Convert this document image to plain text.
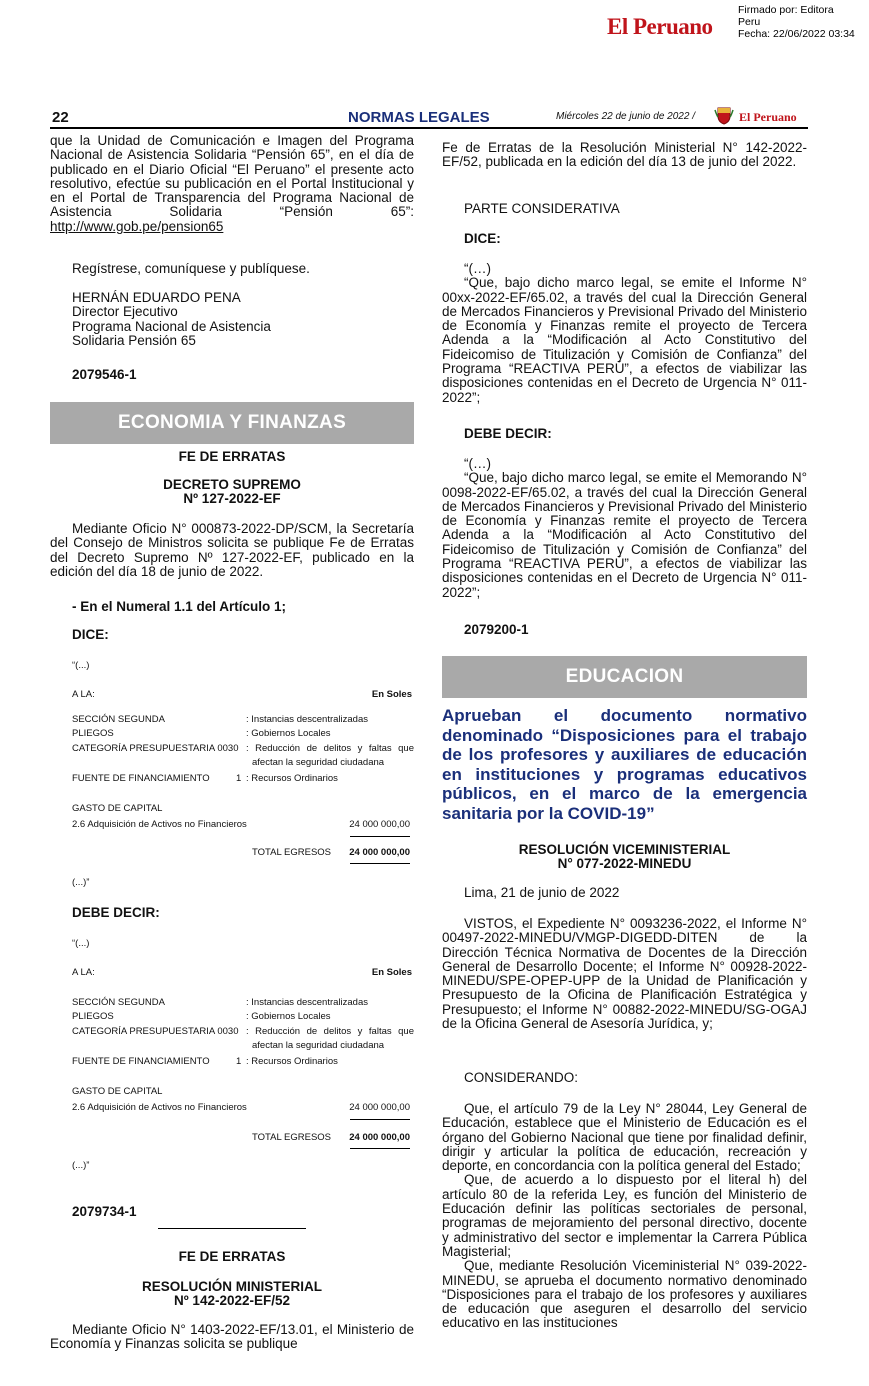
El Peruano
Firmado por: Editora
Peru
Fecha: 22/06/2022 03:34
22	NORMAS LEGALES	Miércoles 22 de junio de 2022 /	El Peruano

que la Unidad de Comunicación e Imagen del Programa Nacional de Asistencia Solidaria “Pensión 65”, en el día de publicado en el Diario Oficial “El Peruano” el presente acto resolutivo, efectúe su publicación en el Portal Institucional y en el Portal de Transparencia del Programa Nacional de Asistencia Solidaria “Pensión 65”: http://www.gob.pe/pension65

Regístrese, comuníquese y publíquese.

HERNÁN EDUARDO PENA

Director Ejecutivo

Programa Nacional de Asistencia

Solidaria Pensión 65

2079546-1
ECONOMIA Y FINANZAS
FE DE ERRATAS

DECRETO SUPREMO

Nº 127-2022-EF

Mediante Oficio N° 000873-2022-DP/SCM, la Secretaría del Consejo de Ministros solicita se publique Fe de Erratas del Decreto Supremo Nº 127-2022-EF, publicado en la edición del día 18 de junio de 2022.
- En el Numeral 1.1 del Artículo 1;
DICE:
“(...)
A LA:	En Soles
SECCIÓN SEGUNDA	: Instancias descentralizadas
PLIEGOS	: Gobiernos Locales
CATEGORÍA PRESUPUESTARIA 0030 : Reducción de delitos y faltas que
afectan la seguridad ciudadana
FUENTE DE FINANCIAMIENTO	1 : Recursos Ordinarios
GASTO DE CAPITAL
2.6 Adquisición de Activos no Financieros	24 000 000,00
TOTAL EGRESOS 24 000 000,00
(...)”
DEBE DECIR:
“(...)
A LA:	En Soles
SECCIÓN SEGUNDA	: Instancias descentralizadas
PLIEGOS	: Gobiernos Locales
CATEGORÍA PRESUPUESTARIA 0030 : Reducción de delitos y faltas que
afectan la seguridad ciudadana
FUENTE DE FINANCIAMIENTO	1 : Recursos Ordinarios
GASTO DE CAPITAL
2.6 Adquisición de Activos no Financieros	24 000 000,00
TOTAL EGRESOS 24 000 000,00
(...)”
2079734-1
FE DE ERRATAS

RESOLUCIÓN MINISTERIAL

Nº 142-2022-EF/52

Mediante Oficio N° 1403-2022-EF/13.01, el Ministerio de Economía y Finanzas solicita se publique
Fe de Erratas de la Resolución Ministerial N° 142-2022-EF/52, publicada en la edición del día 13 de junio del 2022.
PARTE CONSIDERATIVA
DICE:

“(…)

“Que, bajo dicho marco legal, se emite el Informe N° 00xx-2022-EF/65.02, a través del cual la Dirección General de Mercados Financieros y Previsional Privado del Ministerio de Economía y Finanzas remite el proyecto de Tercera Adenda a la “Modificación al Acto Constitutivo del Fideicomiso de Titulización y Comisión de Confianza” del Programa “REACTIVA PERÚ”, a efectos de viabilizar las disposiciones contenidas en el Decreto de Urgencia N° 011-2022”;

DEBE DECIR:

“(…)

“Que, bajo dicho marco legal, se emite el Memorando N° 0098-2022-EF/65.02, a través del cual la Dirección General de Mercados Financieros y Previsional Privado del Ministerio de Economía y Finanzas remite el proyecto de Tercera Adenda a la “Modificación al Acto Constitutivo del Fideicomiso de Titulización y Comisión de Confianza” del Programa “REACTIVA PERÚ”, a efectos de viabilizar las disposiciones contenidas en el Decreto de Urgencia N° 011-2022”;

2079200-1
EDUCACION
Aprueban el documento normativo denominado “Disposiciones para el trabajo de los profesores y auxiliares de educación en instituciones y programas educativos públicos, en el marco de la emergencia sanitaria por la COVID-19”

RESOLUCIÓN VICEMINISTERIAL

N° 077-2022-MINEDU

Lima, 21 de junio de 2022
VISTOS, el Expediente N° 0093236-2022, el Informe N° 00497-2022-MINEDU/VMGP-DIGEDD-DITEN de la Dirección Técnica Normativa de Docentes de la Dirección General de Desarrollo Docente; el Informe N° 00928-2022-MINEDU/SPE-OPEP-UPP de la Unidad de Planificación y Presupuesto de la Oficina de Planificación Estratégica y Presupuesto; el Informe N° 00882-2022-MINEDU/SG-OGAJ de la Oficina General de Asesoría Jurídica, y;
CONSIDERANDO:

Que, el artículo 79 de la Ley N° 28044, Ley General de Educación, establece que el Ministerio de Educación es el órgano del Gobierno Nacional que tiene por finalidad definir, dirigir y articular la política de educación, recreación y deporte, en concordancia con la política general del Estado;

Que, de acuerdo a lo dispuesto por el literal h) del artículo 80 de la referida Ley, es función del Ministerio de Educación definir las políticas sectoriales de personal, programas de mejoramiento del personal directivo, docente y administrativo del sector e implementar la Carrera Pública Magisterial;

Que, mediante Resolución Viceministerial N° 039-2022-MINEDU, se aprueba el documento normativo denominado “Disposiciones para el trabajo de los profesores y auxiliares de educación que aseguren el desarrollo del servicio educativo en las instituciones
